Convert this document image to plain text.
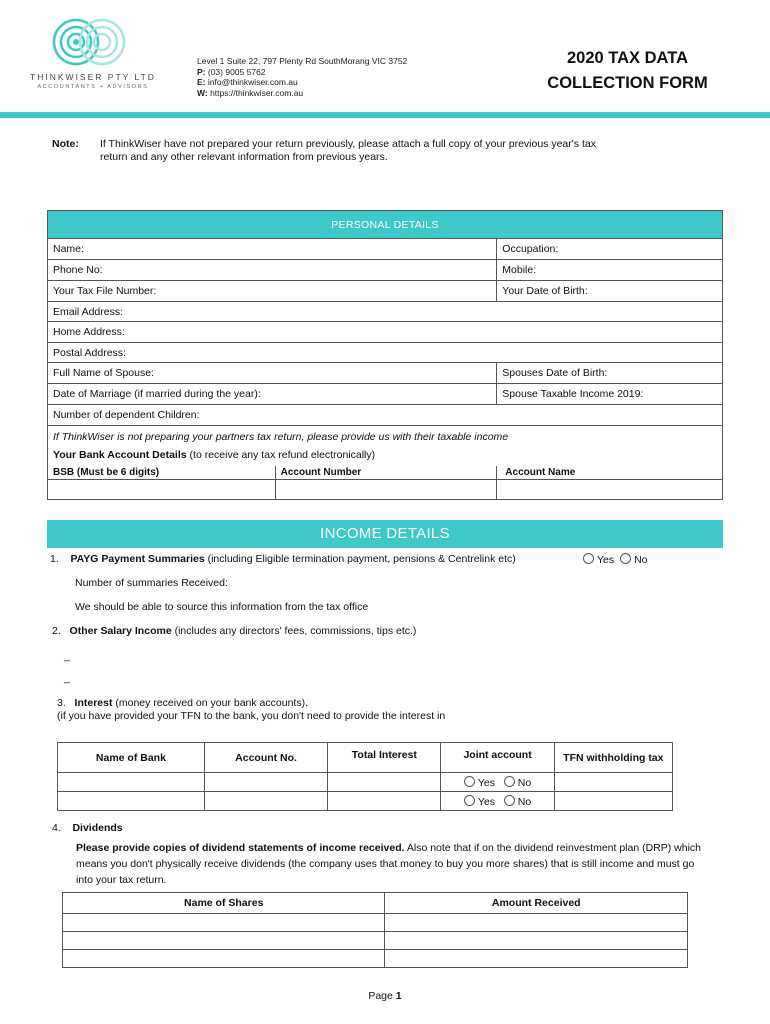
THINKWISER PTY LTD
ACCOUNTANTS + ADVISORS
Level 1 Suite 22, 797 Plenty Rd SouthMorang VIC 3752
P: (03) 9005 5762
E: info@thinkwiser.com.au
W: https://thinkwiser.com.au
2020 TAX DATA
COLLECTION FORM
Note: If ThinkWiser have not prepared your return previously, please attach a full copy of your previous year's tax return and any other relevant information from previous years.
PERSONAL DETAILS		
Name:		Occupation:
Phone No:		Mobile:
Your Tax File Number:		Your Date of Birth:
Email Address:		
Home Address:		
Postal Address:		
Full Name of Spouse:		Spouses Date of Birth:
Date of Marriage (if married during the year):		Spouse Taxable Income 2019:
Number of dependent Children:		

If ThinkWiser is not preparing your partners tax return, please provide us with their taxable income
Your Bank Account Details (to receive any tax refund electronically)		

BSB (Must be 6 digits)	Account Number	Account Name

INCOME DETAILS
1. PAYG Payment Summaries (including Eligible termination payment, pensions & Centrelink etc)	Yes No
Number of summaries Received:
We should be able to source this information from the tax office
2. Other Salary Income (includes any directors' fees, commissions, tips etc.)
_
_
3. Interest (money received on your bank accounts).
(if you have provided your TFN to the bank, you don't need to provide the interest in
Name of Bank	Account No.	Total Interest	Joint account	TFN withholding tax
			Yes No	
			Yes No	
4. Dividends
Please provide copies of dividend statements of income received. Also note that if on the dividend reinvestment plan (DRP) which means you don't physically receive dividends (the company uses that money to buy you more shares) that is still income and must go into your tax return.
Name of Shares	Amount Received

Page 1
